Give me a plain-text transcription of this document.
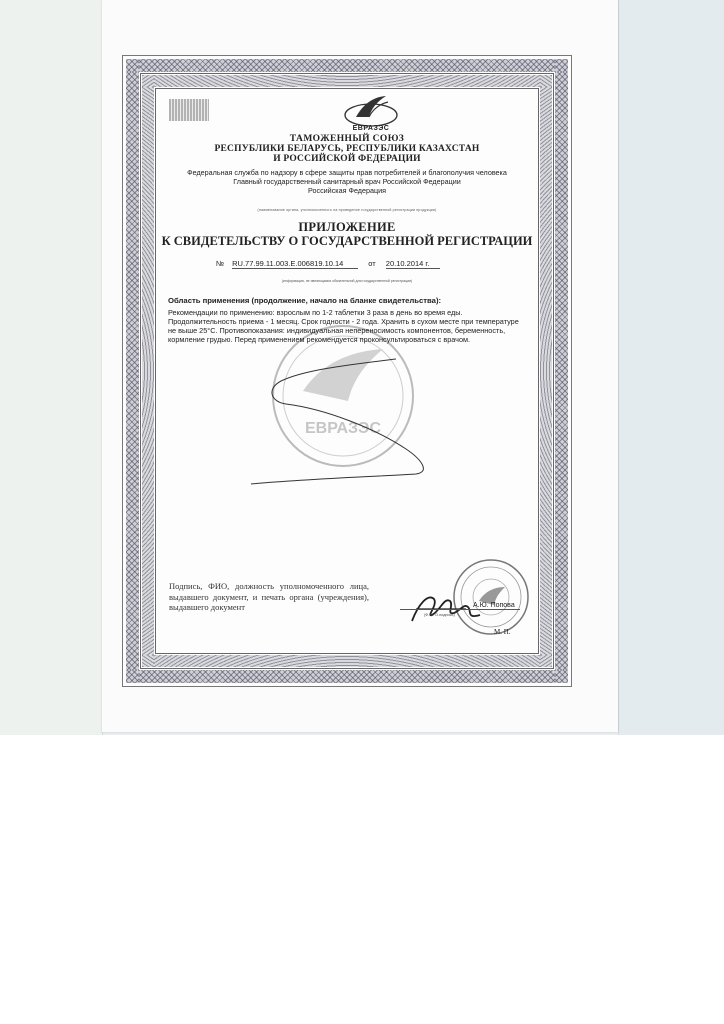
ЕВРАЗЭС
ТАМОЖЕННЫЙ СОЮЗ
РЕСПУБЛИКИ БЕЛАРУСЬ, РЕСПУБЛИКИ КАЗАХСТАН
И РОССИЙСКОЙ ФЕДЕРАЦИИ
Федеральная служба по надзору в сфере защиты прав потребителей и благополучия человека
Главный государственный санитарный врач Российской Федерации
Российская Федерация
(наименование органа, уполномоченного на проведение государственной регистрации продукции)
ПРИЛОЖЕНИЕ
К СВИДЕТЕЛЬСТВУ О ГОСУДАРСТВЕННОЙ РЕГИСТРАЦИИ
№ RU.77.99.11.003.E.006819.10.14	от 20.10.2014 г.
(информация, не являющаяся обязательной для государственной регистрации)
ЕВРАЗЭС
Область применения (продолжение, начало на бланке свидетельства):
Рекомендации по применению: взрослым по 1-2 таблетки 3 раза в день во время еды. Продолжительность приема - 1 месяц. Срок годности - 2 года. Хранить в сухом месте при температуре не выше 25°С. Противопоказания: индивидуальная непереносимость компонентов, беременность, кормление грудью. Перед применением рекомендуется проконсультироваться с врачом.
Подпись, ФИО, должность уполномоченного лица, выдавшего документ, и печать органа (учреждения), выдавшего документ	А.Ю. Попова
(Ф. И. О.подпись)
М. П.
